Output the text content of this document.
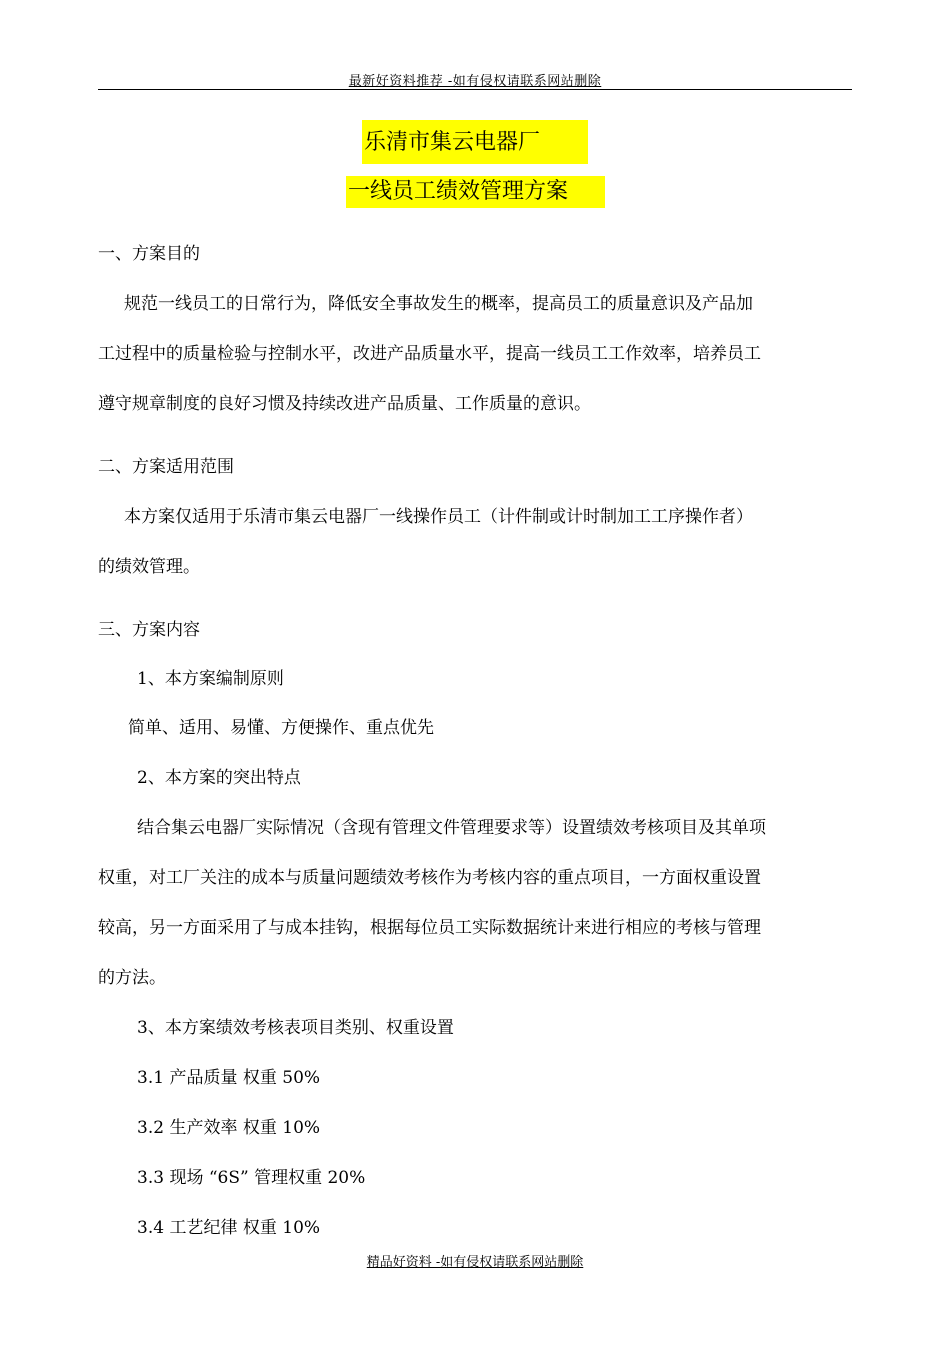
最新好资料推荐 -如有侵权请联系网站删除
乐清市集云电器厂
一线员工绩效管理方案
一、方案目的
规范一线员工的日常行为，降低安全事故发生的概率，提高员工的质量意识及产品加
工过程中的质量检验与控制水平，改进产品质量水平，提高一线员工工作效率，培养员工
遵守规章制度的良好习惯及持续改进产品质量、工作质量的意识。
二、方案适用范围
本方案仅适用于乐清市集云电器厂一线操作员工（计件制或计时制加工工序操作者）
的绩效管理。
三、方案内容
1、本方案编制原则
简单、适用、易懂、方便操作、重点优先
2、本方案的突出特点
结合集云电器厂实际情况（含现有管理文件管理要求等）设置绩效考核项目及其单项
权重，对工厂关注的成本与质量问题绩效考核作为考核内容的重点项目，一方面权重设置
较高，另一方面采用了与成本挂钩，根据每位员工实际数据统计来进行相应的考核与管理
的方法。
3、本方案绩效考核表项目类别、权重设置
3.1 产品质量 权重 50%
3.2 生产效率 权重 10%
3.3 现场 “6S” 管理权重 20%
3.4 工艺纪律 权重 10%
精品好资料 -如有侵权请联系网站删除
